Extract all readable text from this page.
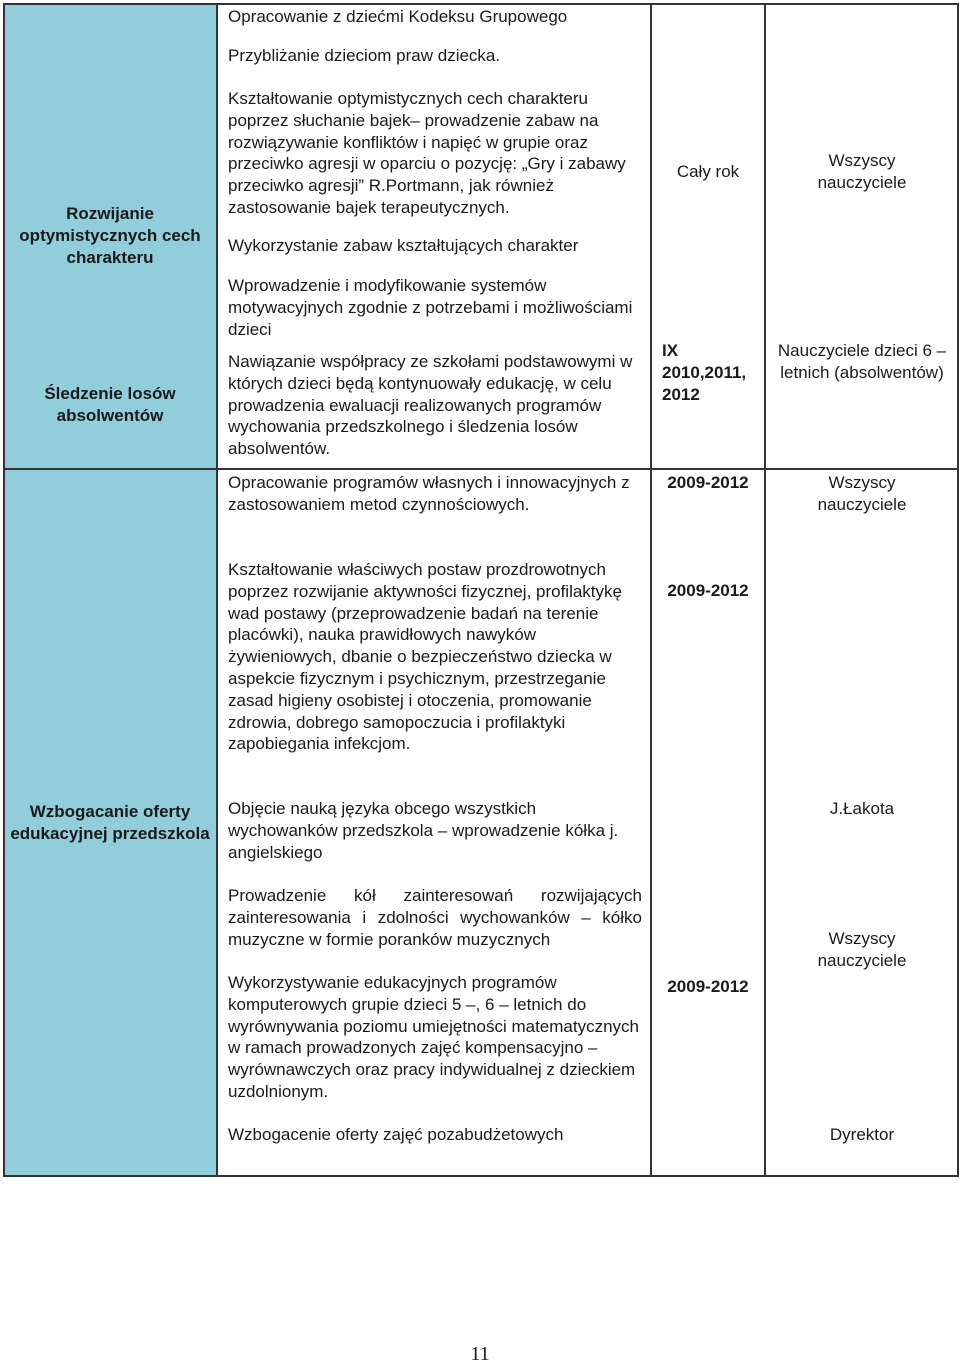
Rozwijanie optymistycznych cech charakteru
Śledzenie losów absolwentów
Wzbogacanie oferty edukacyjnej przedszkola
Opracowanie z dziećmi Kodeksu Grupowego
Przybliżanie dzieciom praw dziecka.
Kształtowanie optymistycznych cech charakteru poprzez słuchanie bajek– prowadzenie zabaw na rozwiązywanie konfliktów i napięć w grupie oraz przeciwko agresji w oparciu o pozycję: „Gry i zabawy przeciwko agresji” R.Portmann, jak również zastosowanie bajek terapeutycznych.
Wykorzystanie zabaw kształtujących charakter
Wprowadzenie i modyfikowanie systemów motywacyjnych zgodnie z potrzebami i możliwościami dzieci
Nawiązanie współpracy ze szkołami podstawowymi w których dzieci będą kontynuowały edukację, w celu prowadzenia ewaluacji realizowanych programów wychowania przedszkolnego i śledzenia losów absolwentów.
Opracowanie programów własnych i innowacyjnych z zastosowaniem metod czynnościowych.
Kształtowanie właściwych postaw prozdrowotnych poprzez rozwijanie aktywności fizycznej, profilaktykę wad postawy (przeprowadzenie badań na terenie placówki), nauka prawidłowych nawyków żywieniowych, dbanie o bezpieczeństwo dziecka w aspekcie fizycznym i psychicznym, przestrzeganie zasad higieny osobistej i otoczenia, promowanie zdrowia, dobrego samopoczucia i profilaktyki zapobiegania infekcjom.
Objęcie nauką języka obcego wszystkich wychowanków przedszkola – wprowadzenie kółka j. angielskiego
Prowadzenie kół zainteresowań rozwijających zainteresowania i zdolności wychowanków – kółko muzyczne w formie poranków muzycznych
Wykorzystywanie edukacyjnych programów komputerowych grupie dzieci 5 –, 6 – letnich do wyrównywania poziomu umiejętności matematycznych w ramach prowadzonych zajęć kompensacyjno – wyrównawczych oraz pracy indywidualnej z dzieckiem uzdolnionym.
Wzbogacenie oferty zajęć pozabudżetowych
Cały rok
IX 2010,2011, 2012
2009-2012
2009-2012
2009-2012
Wszyscy nauczyciele
Nauczyciele dzieci 6 – letnich (absolwentów)
Wszyscy nauczyciele
J.Łakota
Wszyscy nauczyciele
Dyrektor
11
